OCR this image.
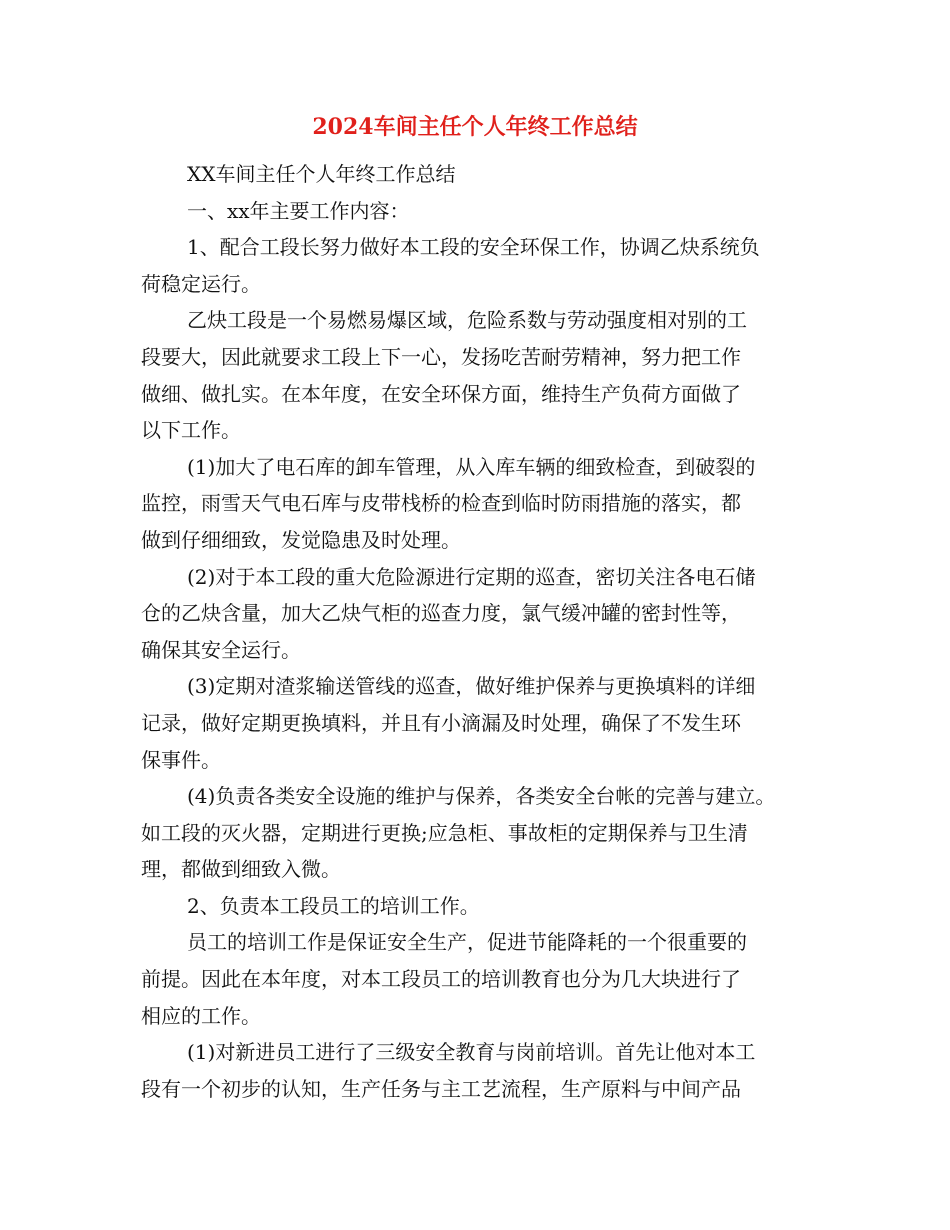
2024车间主任个人年终工作总结
XX车间主任个人年终工作总结
一、xx年主要工作内容：
1、配合工段长努力做好本工段的安全环保工作，协调乙炔系统负
荷稳定运行。
乙炔工段是一个易燃易爆区域，危险系数与劳动强度相对别的工
段要大，因此就要求工段上下一心，发扬吃苦耐劳精神，努力把工作
做细、做扎实。在本年度，在安全环保方面，维持生产负荷方面做了
以下工作。
(1)加大了电石库的卸车管理，从入库车辆的细致检查，到破裂的
监控，雨雪天气电石库与皮带栈桥的检查到临时防雨措施的落实，都
做到仔细细致，发觉隐患及时处理。
(2)对于本工段的重大危险源进行定期的巡查，密切关注各电石储
仓的乙炔含量，加大乙炔气柜的巡查力度，氯气缓冲罐的密封性等，
确保其安全运行。
(3)定期对渣浆输送管线的巡查，做好维护保养与更换填料的详细
记录，做好定期更换填料，并且有小滴漏及时处理，确保了不发生环
保事件。
(4)负责各类安全设施的维护与保养，各类安全台帐的完善与建立。
如工段的灭火器，定期进行更换;应急柜、事故柜的定期保养与卫生清
理，都做到细致入微。
2、负责本工段员工的培训工作。
员工的培训工作是保证安全生产，促进节能降耗的一个很重要的
前提。因此在本年度，对本工段员工的培训教育也分为几大块进行了
相应的工作。
(1)对新进员工进行了三级安全教育与岗前培训。首先让他对本工
段有一个初步的认知，生产任务与主工艺流程，生产原料与中间产品
